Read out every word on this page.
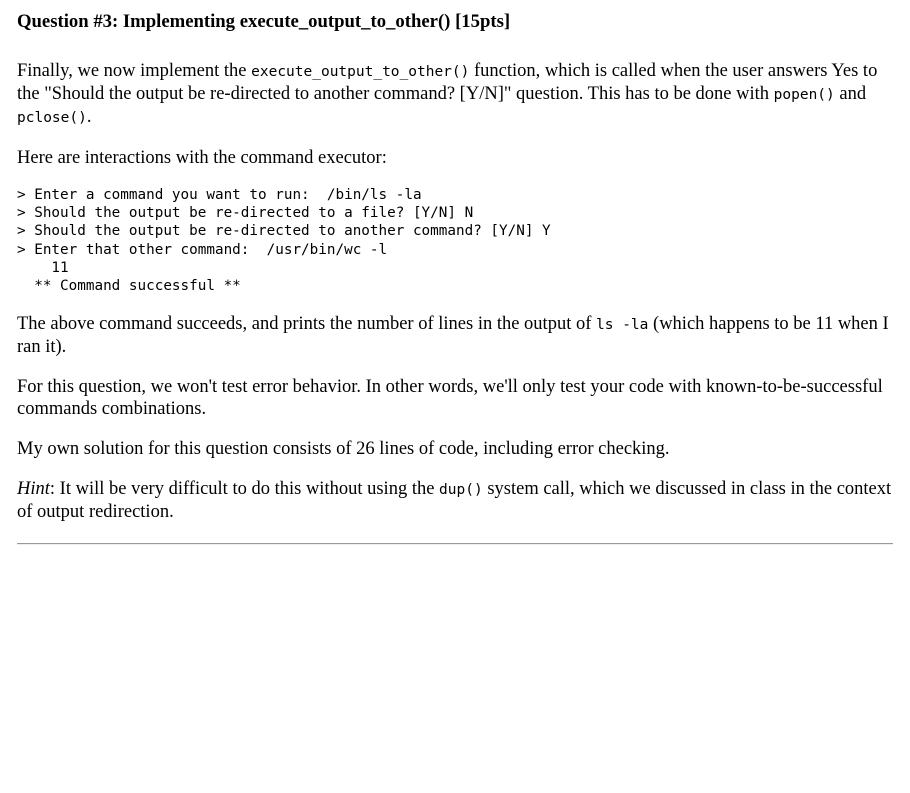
Question #3: Implementing execute_output_to_other() [15pts]

Finally, we now implement the execute_output_to_other() function, which is called when the user answers Yes to the "Should the output be re-directed to another command? [Y/N]" question. This has to be done with popen() and pclose().

Here are interactions with the command executor:

> Enter a command you want to run:  /bin/ls -la
> Should the output be re-directed to a file? [Y/N] N
> Should the output be re-directed to another command? [Y/N] Y
> Enter that other command:  /usr/bin/wc -l
11
** Command successful **

The above command succeeds, and prints the number of lines in the output of ls -la (which happens to be 11 when I ran it).

For this question, we won't test error behavior. In other words, we'll only test your code with known-to-be-successful commands combinations.

My own solution for this question consists of 26 lines of code, including error checking.

Hint: It will be very difficult to do this without using the dup() system call, which we discussed in class in the context of output redirection.
